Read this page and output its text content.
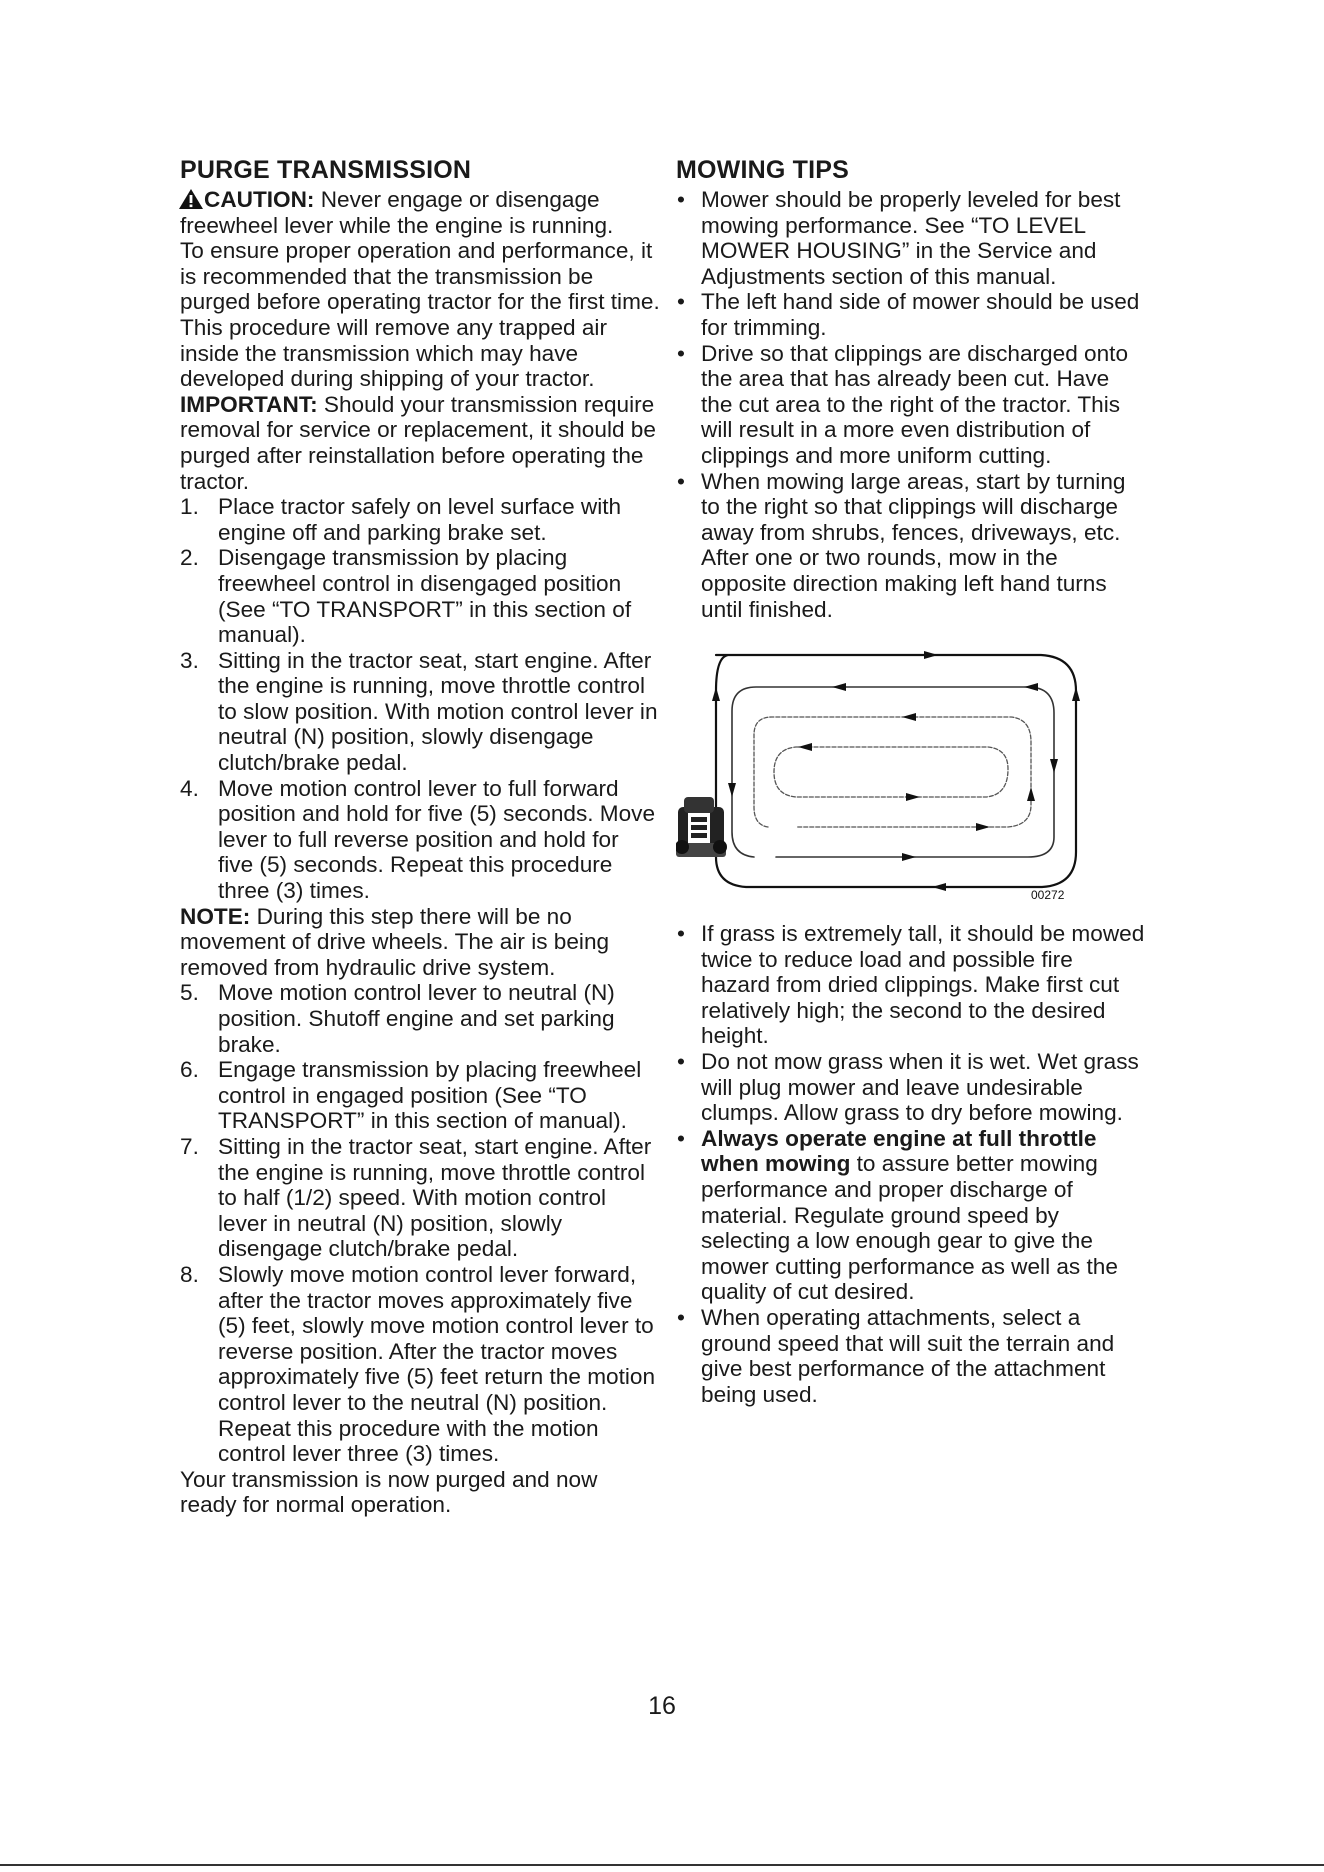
PURGE TRANSMISSION

CAUTION: Never engage or disengage freewheel lever while the engine is running.

To ensure proper operation and performance, it is recommended that the transmission be purged before operating tractor for the first time. This procedure will remove any trapped air inside the transmission which may have developed during shipping of your tractor.

IMPORTANT: Should your transmission require removal for service or replacement, it should be purged after reinstallation before operating the tractor.

1. Place tractor safely on level surface with engine off and parking brake set.
2. Disengage transmission by placing freewheel control in disengaged position (See “TO TRANSPORT” in this section of manual).
3. Sitting in the tractor seat, start engine. After the engine is running, move throttle control to slow position. With motion control lever in neutral (N) position, slowly disengage clutch/brake pedal.
4. Move motion control lever to full forward position and hold for five (5) seconds. Move lever to full reverse position and hold for five (5) seconds. Repeat this procedure three (3) times.

NOTE: During this step there will be no movement of drive wheels. The air is being removed from hydraulic drive system.

5. Move motion control lever to neutral (N) position. Shutoff engine and set parking brake.
6. Engage transmission by placing freewheel control in engaged position (See “TO TRANSPORT” in this section of manual).
7. Sitting in the tractor seat, start engine. After the engine is running, move throttle control to half (1/2) speed. With motion control lever in neutral (N) position, slowly disengage clutch/brake pedal.
8. Slowly move motion control lever forward, after the tractor moves approximately five (5) feet, slowly move motion control lever to reverse position. After the tractor moves approximately five (5) feet return the motion control lever to the neutral (N) position. Repeat this procedure with the motion control lever three (3) times.

Your transmission is now purged and now ready for normal operation.

MOWING TIPS
• Mower should be properly leveled for best mowing performance. See “TO LEVEL MOWER HOUSING” in the Service and Adjustments section of this manual.
• The left hand side of mower should be used for trimming.
• Drive so that clippings are discharged onto the area that has already been cut. Have the cut area to the right of the tractor. This will result in a more even distribution of clippings and more uniform cutting.
• When mowing large areas, start by turning to the right so that clippings will discharge away from shrubs, fences, driveways, etc. After one or two rounds, mow in the opposite direction making left hand turns until finished.
00272
• If grass is extremely tall, it should be mowed twice to reduce load and possible fire hazard from dried clippings. Make first cut relatively high; the second to the desired height.
• Do not mow grass when it is wet. Wet grass will plug mower and leave undesirable clumps. Allow grass to dry before mowing.
• Always operate engine at full throttle when mowing to assure better mowing performance and proper discharge of material. Regulate ground speed by selecting a low enough gear to give the mower cutting performance as well as the quality of cut desired.
• When operating attachments, select a ground speed that will suit the terrain and give best performance of the attachment being used.
16
